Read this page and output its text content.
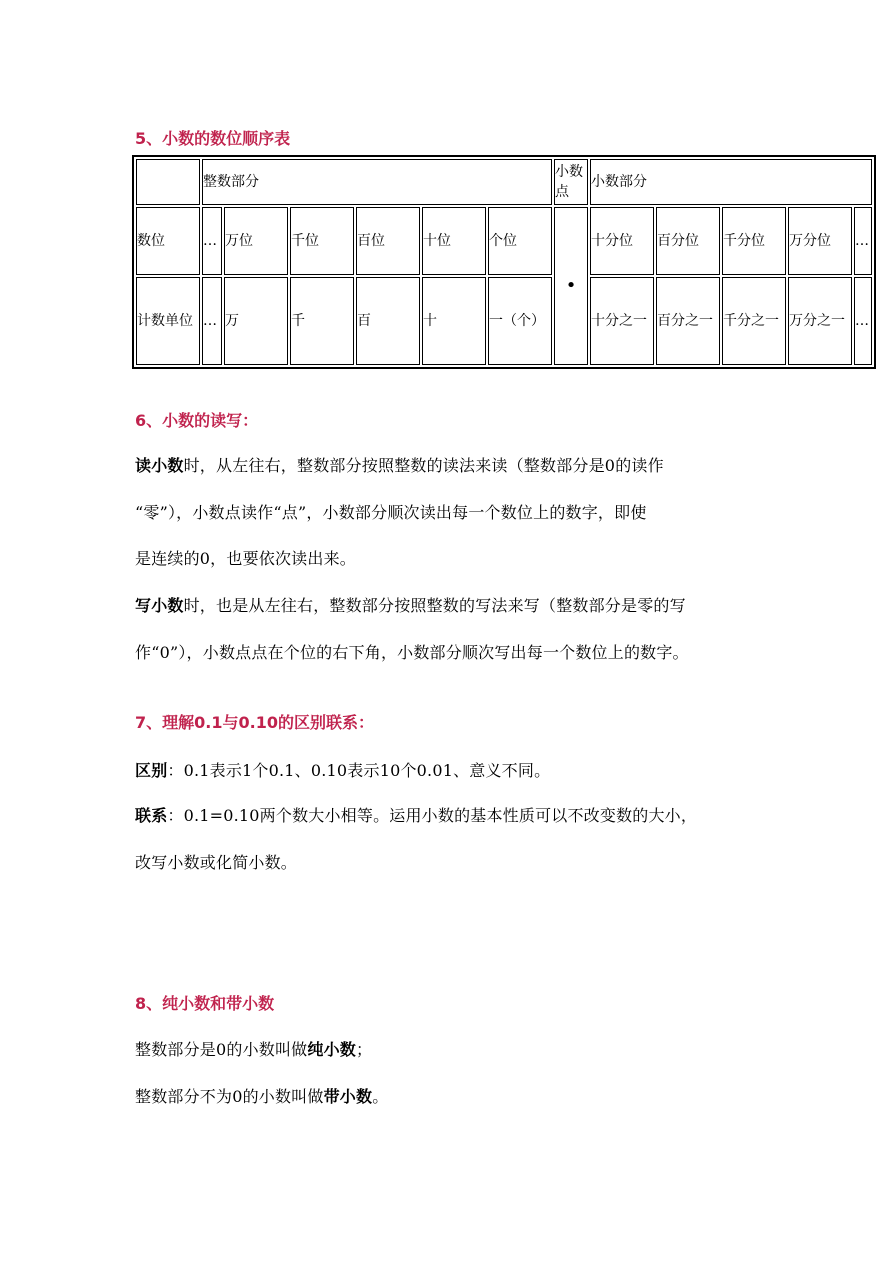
5、小数的数位顺序表
	整数部分						小数点	小数部分				
数位	…	万位	千位	百位	十位	个位	•	十分位	百分位	千分位	万分位	…
计数单位	…	万	千	百	十	一（个）		十分之一	百分之一	千分之一	万分之一	…
6、小数的读写：
读小数时，从左往右，整数部分按照整数的读法来读（整数部分是0的读作
“零”），小数点读作“点”，小数部分顺次读出每一个数位上的数字，即使
是连续的0，也要依次读出来。
写小数时，也是从左往右，整数部分按照整数的写法来写（整数部分是零的写
作“0”），小数点点在个位的右下角，小数部分顺次写出每一个数位上的数字。
7、理解0.1与0.10的区别联系：
区别：0.1表示1个0.1、0.10表示10个0.01、意义不同。
联系：0.1=0.10两个数大小相等。运用小数的基本性质可以不改变数的大小，
改写小数或化简小数。
8、纯小数和带小数
整数部分是0的小数叫做纯小数；
整数部分不为0的小数叫做带小数。
